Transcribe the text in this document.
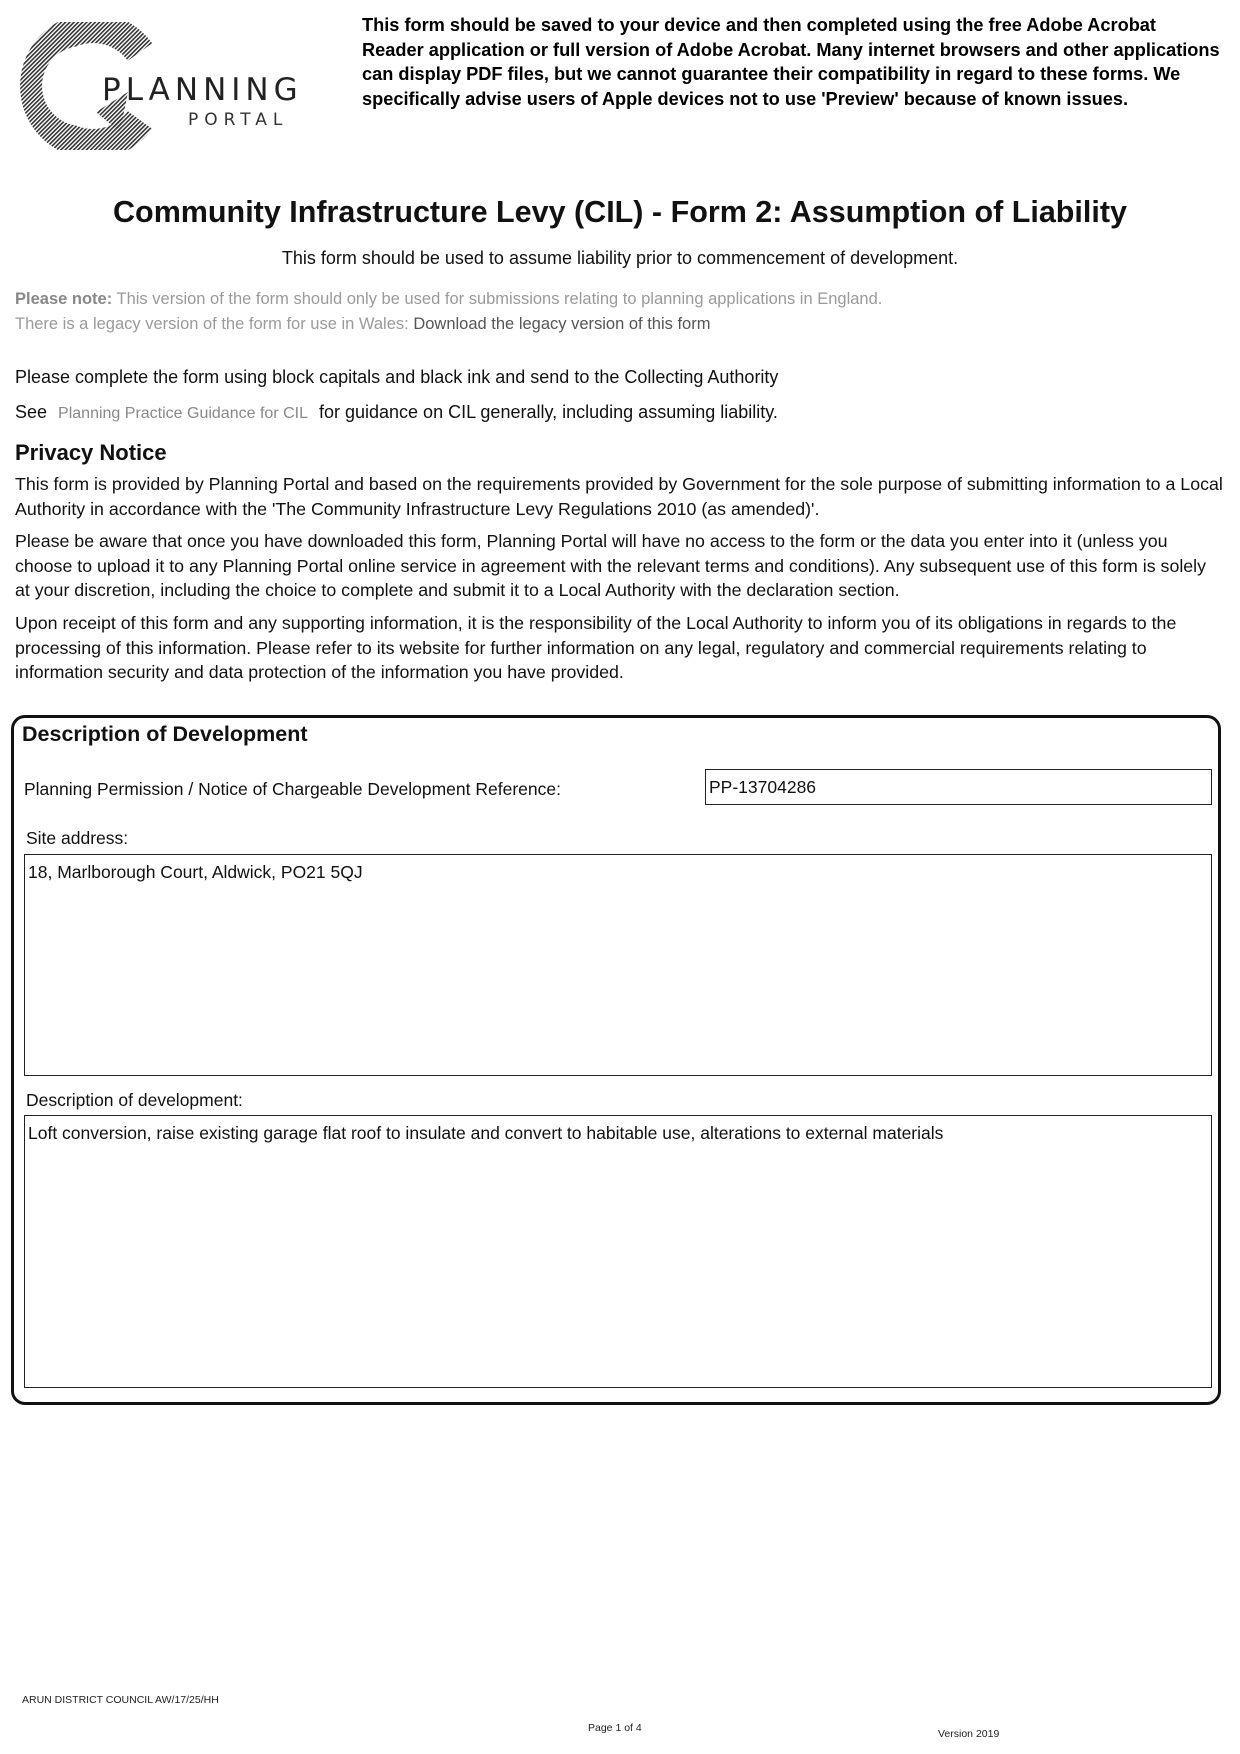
PLANNING
PORTAL
This form should be saved to your device and then completed using the free Adobe Acrobat Reader application or full version of Adobe Acrobat. Many internet browsers and other applications can display PDF files, but we cannot guarantee their compatibility in regard to these forms. We specifically advise users of Apple devices not to use 'Preview' because of known issues.
Community Infrastructure Levy (CIL) - Form 2: Assumption of Liability
This form should be used to assume liability prior to commencement of development.
Please note: This version of the form should only be used for submissions relating to planning applications in England.
There is a legacy version of the form for use in Wales: Download the legacy version of this form
Please complete the form using block capitals and black ink and send to the Collecting Authority
See Planning Practice Guidance for CIL for guidance on CIL generally, including assuming liability.
Privacy Notice
This form is provided by Planning Portal and based on the requirements provided by Government for the sole purpose of submitting information to a Local Authority in accordance with the 'The Community Infrastructure Levy Regulations 2010 (as amended)'.
Please be aware that once you have downloaded this form, Planning Portal will have no access to the form or the data you enter into it (unless you choose to upload it to any Planning Portal online service in agreement with the relevant terms and conditions). Any subsequent use of this form is solely at your discretion, including the choice to complete and submit it to a Local Authority with the declaration section.
Upon receipt of this form and any supporting information, it is the responsibility of the Local Authority to inform you of its obligations in regards to the processing of this information. Please refer to its website for further information on any legal, regulatory and commercial requirements relating to information security and data protection of the information you have provided.
Description of Development
Planning Permission / Notice of Chargeable Development Reference:	PP-13704286
Site address:
18, Marlborough Court, Aldwick, PO21 5QJ
Description of development:
Loft conversion, raise existing garage flat roof to insulate and convert to habitable use, alterations to external materials
ARUN DISTRICT COUNCIL AW/17/25/HH
Page 1 of 4	Version 2019
